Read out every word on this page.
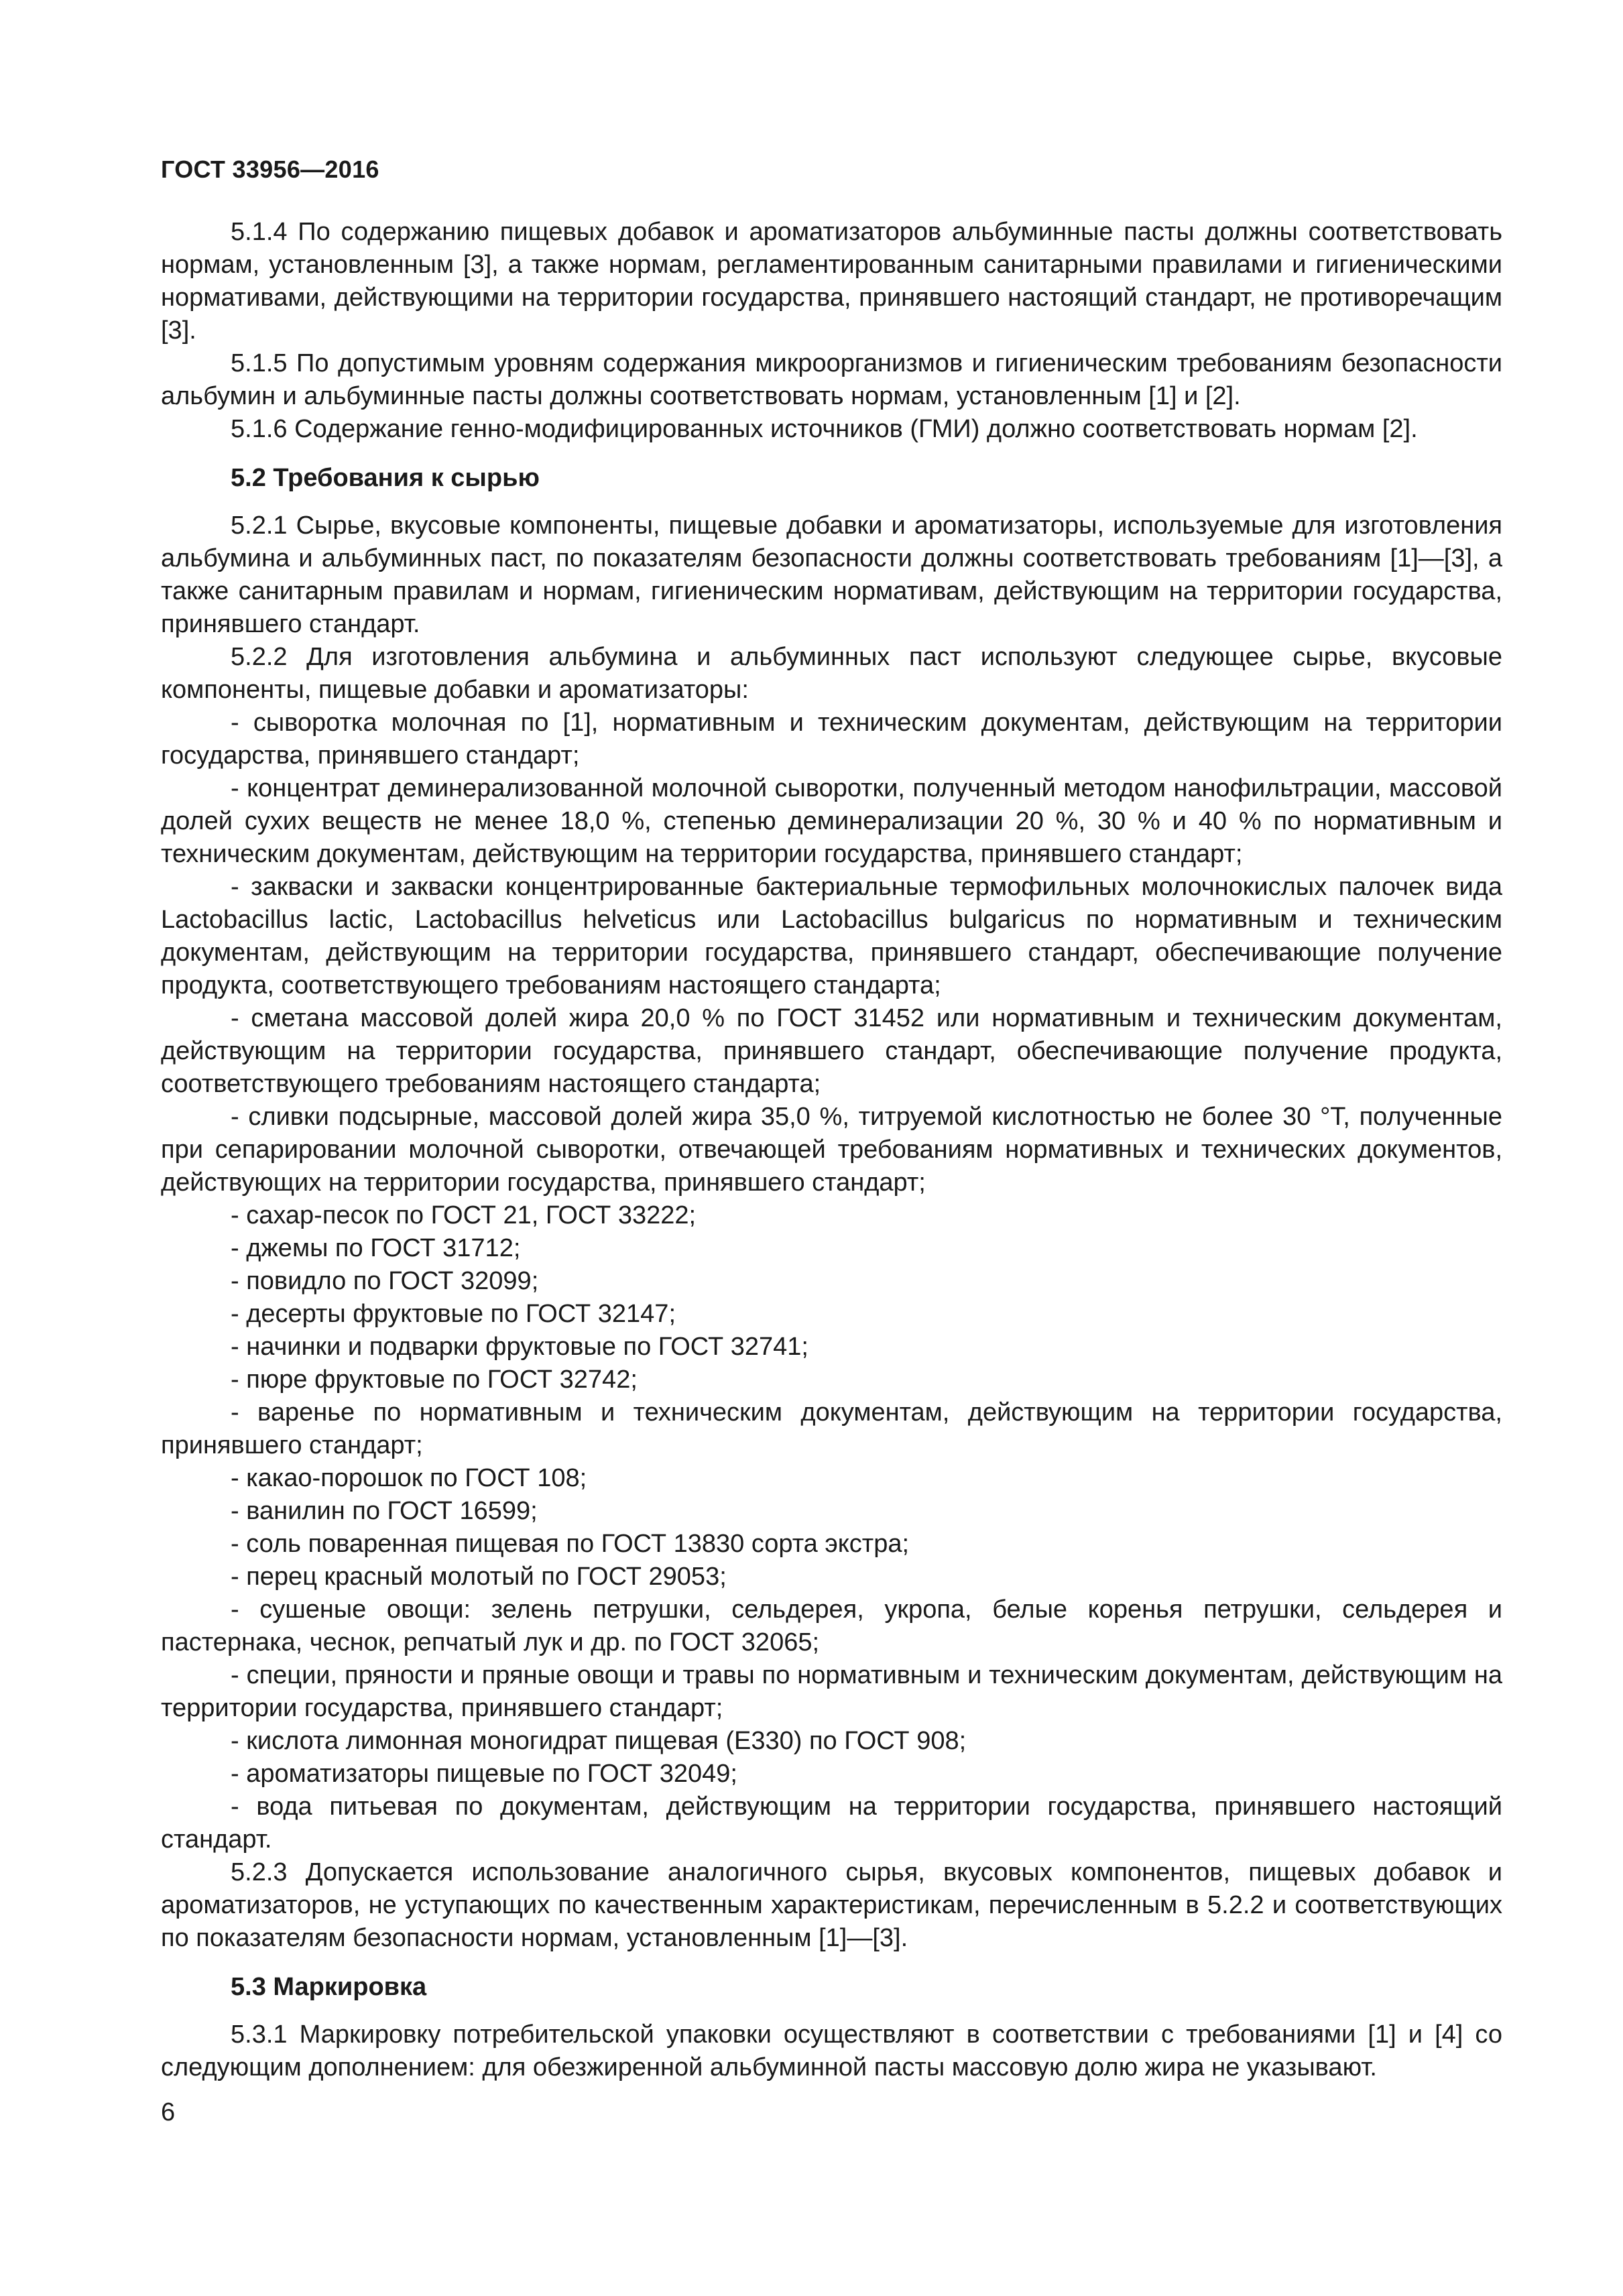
ГОСТ 33956—2016
5.1.4 По содержанию пищевых добавок и ароматизаторов альбуминные пасты должны соответствовать нормам, установленным [3], а также нормам, регламентированным санитарными правилами и гигиеническими нормативами, действующими на территории государства, принявшего настоящий стандарт, не противоречащим [3].
5.1.5 По допустимым уровням содержания микроорганизмов и гигиеническим требованиям безопасности альбумин и альбуминные пасты должны соответствовать нормам, установленным [1] и [2].
5.1.6 Содержание генно-модифицированных источников (ГМИ) должно соответствовать нормам [2].
5.2 Требования к сырью
5.2.1 Сырье, вкусовые компоненты, пищевые добавки и ароматизаторы, используемые для изготовления альбумина и альбуминных паст, по показателям безопасности должны соответствовать требованиям [1]—[3], а также санитарным правилам и нормам, гигиеническим нормативам, действующим на территории государства, принявшего стандарт.
5.2.2 Для изготовления альбумина и альбуминных паст используют следующее сырье, вкусовые компоненты, пищевые добавки и ароматизаторы:
- сыворотка молочная по [1], нормативным и техническим документам, действующим на территории государства, принявшего стандарт;
- концентрат деминерализованной молочной сыворотки, полученный методом нанофильтрации, массовой долей сухих веществ не менее 18,0 %, степенью деминерализации 20 %, 30 % и 40 % по нормативным и техническим документам, действующим на территории государства, принявшего стандарт;
- закваски и закваски концентрированные бактериальные термофильных молочнокислых палочек вида Lactobacillus lactic, Lactobacillus helveticus или Lactobacillus bulgaricus по нормативным и техническим документам, действующим на территории государства, принявшего стандарт, обеспечивающие получение продукта, соответствующего требованиям настоящего стандарта;
- сметана массовой долей жира 20,0 % по ГОСТ 31452 или нормативным и техническим документам, действующим на территории государства, принявшего стандарт, обеспечивающие получение продукта, соответствующего требованиям настоящего стандарта;
- сливки подсырные, массовой долей жира 35,0 %, титруемой кислотностью не более 30 °Т, полученные при сепарировании молочной сыворотки, отвечающей требованиям нормативных и технических документов, действующих на территории государства, принявшего стандарт;
- сахар-песок по ГОСТ 21, ГОСТ 33222;
- джемы по ГОСТ 31712;
- повидло по ГОСТ 32099;
- десерты фруктовые по ГОСТ 32147;
- начинки и подварки фруктовые по ГОСТ 32741;
- пюре фруктовые по ГОСТ 32742;
- варенье по нормативным и техническим документам, действующим на территории государства, принявшего стандарт;
- какао-порошок по ГОСТ 108;
- ванилин по ГОСТ 16599;
- соль поваренная пищевая по ГОСТ 13830 сорта экстра;
- перец красный молотый по ГОСТ 29053;
- сушеные овощи: зелень петрушки, сельдерея, укропа, белые коренья петрушки, сельдерея и пастернака, чеснок, репчатый лук и др. по ГОСТ 32065;
- специи, пряности и пряные овощи и травы по нормативным и техническим документам, действующим на территории государства, принявшего стандарт;
- кислота лимонная моногидрат пищевая (Е330) по ГОСТ 908;
- ароматизаторы пищевые по ГОСТ 32049;
- вода питьевая по документам, действующим на территории государства, принявшего настоящий стандарт.
5.2.3 Допускается использование аналогичного сырья, вкусовых компонентов, пищевых добавок и ароматизаторов, не уступающих по качественным характеристикам, перечисленным в 5.2.2 и соответствующих по показателям безопасности нормам, установленным [1]—[3].
5.3 Маркировка
5.3.1 Маркировку потребительской упаковки осуществляют в соответствии с требованиями [1] и [4] со следующим дополнением: для обезжиренной альбуминной пасты массовую долю жира не указывают.
6
